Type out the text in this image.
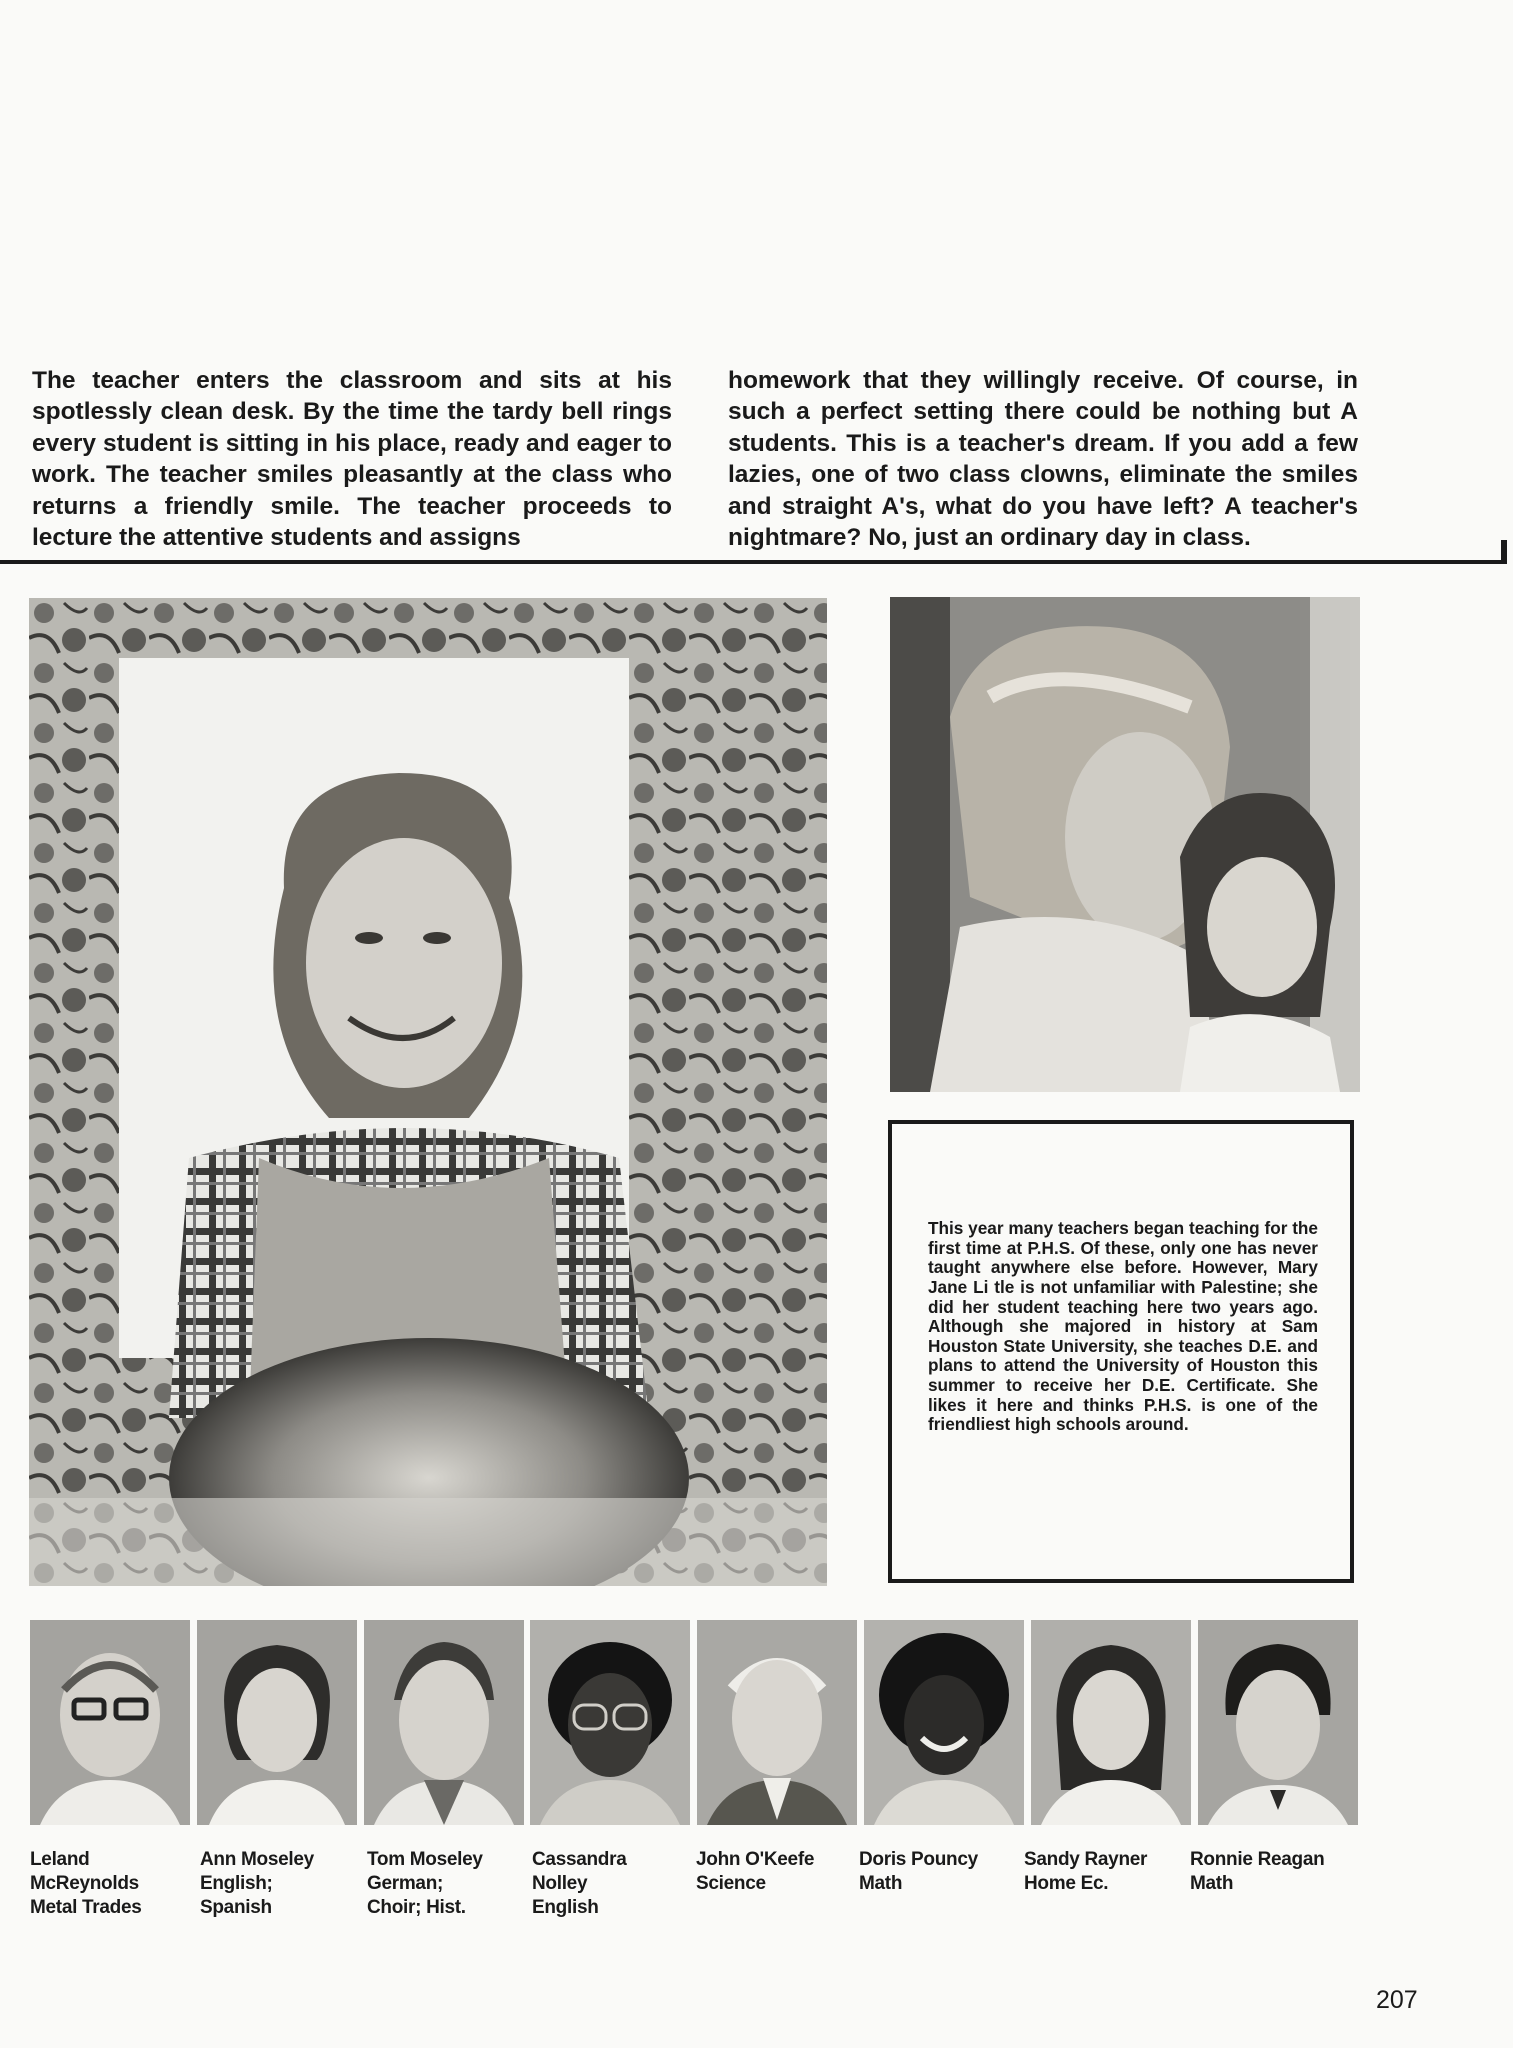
The teacher enters the classroom and sits at his spotlessly clean desk. By the time the tardy bell rings every student is sitting in his place, ready and eager to work. The teacher smiles pleasantly at the class who returns a friendly smile. The teacher proceeds to lecture the attentive students and assigns

homework that they willingly receive. Of course, in such a perfect setting there could be nothing but A students. This is a teacher's dream. If you add a few lazies, one of two class clowns, eliminate the smiles and straight A's, what do you have left? A teacher's nightmare? No, just an ordinary day in class.

This year many teachers began teaching for the first time at P.H.S. Of these, only one has never taught anywhere else before. However, Mary Jane Li tle is not unfamiliar with Palestine; she did her student teaching here two years ago. Although she majored in history at Sam Houston State University, she teaches D.E. and plans to attend the University of Houston this summer to receive her D.E. Certificate. She likes it here and thinks P.H.S. is one of the friendliest high schools around.

Leland
McReynolds
Metal Trades
Ann Moseley
English;
Spanish
Tom Moseley
German;
Choir; Hist.
Cassandra
Nolley
English
John O'Keefe
Science
Doris Pouncy
Math
Sandy Rayner
Home Ec.
Ronnie Reagan
Math
207
